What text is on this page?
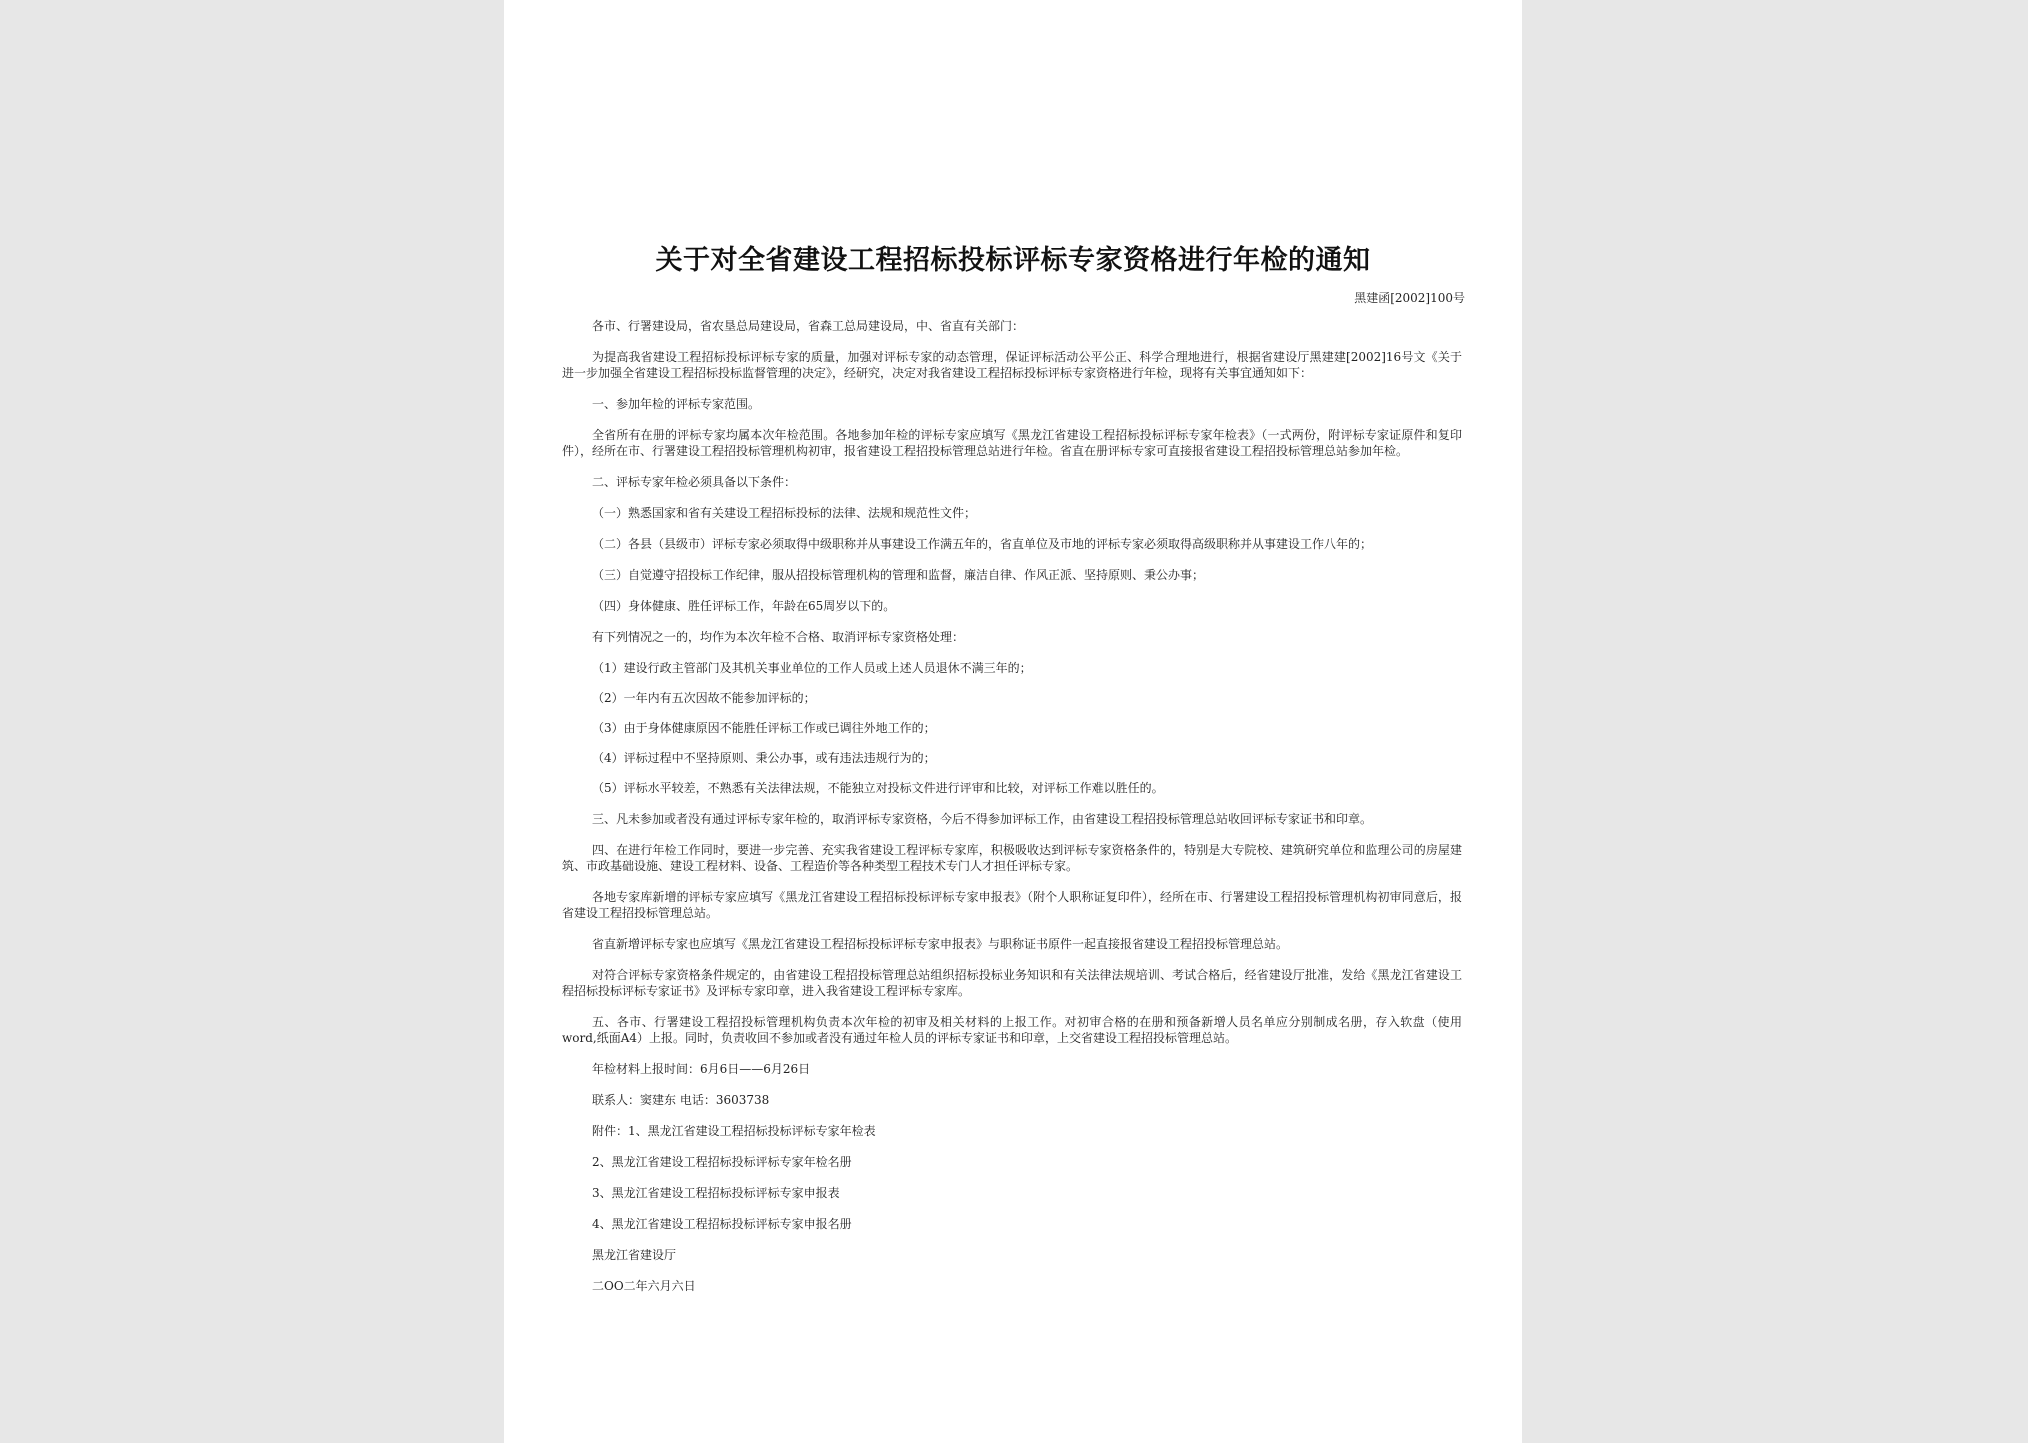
关于对全省建设工程招标投标评标专家资格进行年检的通知
黑建函[2002]100号

各市、行署建设局，省农垦总局建设局，省森工总局建设局，中、省直有关部门：

为提高我省建设工程招标投标评标专家的质量，加强对评标专家的动态管理，保证评标活动公平公正、科学合理地进行，根据省建设厅黑建建[2002]16号文《关于进一步加强全省建设工程招标投标监督管理的决定》，经研究，决定对我省建设工程招标投标评标专家资格进行年检，现将有关事宜通知如下：

一、参加年检的评标专家范围。

全省所有在册的评标专家均属本次年检范围。各地参加年检的评标专家应填写《黑龙江省建设工程招标投标评标专家年检表》（一式两份，附评标专家证原件和复印件），经所在市、行署建设工程招投标管理机构初审，报省建设工程招投标管理总站进行年检。省直在册评标专家可直接报省建设工程招投标管理总站参加年检。

二、评标专家年检必须具备以下条件：

（一）熟悉国家和省有关建设工程招标投标的法律、法规和规范性文件；

（二）各县（县级市）评标专家必须取得中级职称并从事建设工作满五年的，省直单位及市地的评标专家必须取得高级职称并从事建设工作八年的；

（三）自觉遵守招投标工作纪律，服从招投标管理机构的管理和监督，廉洁自律、作风正派、坚持原则、秉公办事；

（四）身体健康、胜任评标工作，年龄在65周岁以下的。

有下列情况之一的，均作为本次年检不合格、取消评标专家资格处理：

（1）建设行政主管部门及其机关事业单位的工作人员或上述人员退休不满三年的；

（2）一年内有五次因故不能参加评标的；

（3）由于身体健康原因不能胜任评标工作或已调往外地工作的；

（4）评标过程中不坚持原则、秉公办事，或有违法违规行为的；

（5）评标水平较差，不熟悉有关法律法规，不能独立对投标文件进行评审和比较，对评标工作难以胜任的。

三、凡未参加或者没有通过评标专家年检的，取消评标专家资格，今后不得参加评标工作，由省建设工程招投标管理总站收回评标专家证书和印章。

四、在进行年检工作同时，要进一步完善、充实我省建设工程评标专家库，积极吸收达到评标专家资格条件的，特别是大专院校、建筑研究单位和监理公司的房屋建筑、市政基础设施、建设工程材料、设备、工程造价等各种类型工程技术专门人才担任评标专家。

各地专家库新增的评标专家应填写《黑龙江省建设工程招标投标评标专家申报表》（附个人职称证复印件），经所在市、行署建设工程招投标管理机构初审同意后，报省建设工程招投标管理总站。

省直新增评标专家也应填写《黑龙江省建设工程招标投标评标专家申报表》与职称证书原件一起直接报省建设工程招投标管理总站。

对符合评标专家资格条件规定的，由省建设工程招投标管理总站组织招标投标业务知识和有关法律法规培训、考试合格后，经省建设厅批准，发给《黑龙江省建设工程招标投标评标专家证书》及评标专家印章，进入我省建设工程评标专家库。

五、各市、行署建设工程招投标管理机构负责本次年检的初审及相关材料的上报工作。对初审合格的在册和预备新增人员名单应分别制成名册，存入软盘（使用word,纸面A4）上报。同时，负责收回不参加或者没有通过年检人员的评标专家证书和印章，上交省建设工程招投标管理总站。

年检材料上报时间：6月6日——6月26日

联系人：窦建东 电话：3603738

附件：1、黑龙江省建设工程招标投标评标专家年检表

2、黑龙江省建设工程招标投标评标专家年检名册

3、黑龙江省建设工程招标投标评标专家申报表

4、黑龙江省建设工程招标投标评标专家申报名册

黑龙江省建设厅

二OO二年六月六日
